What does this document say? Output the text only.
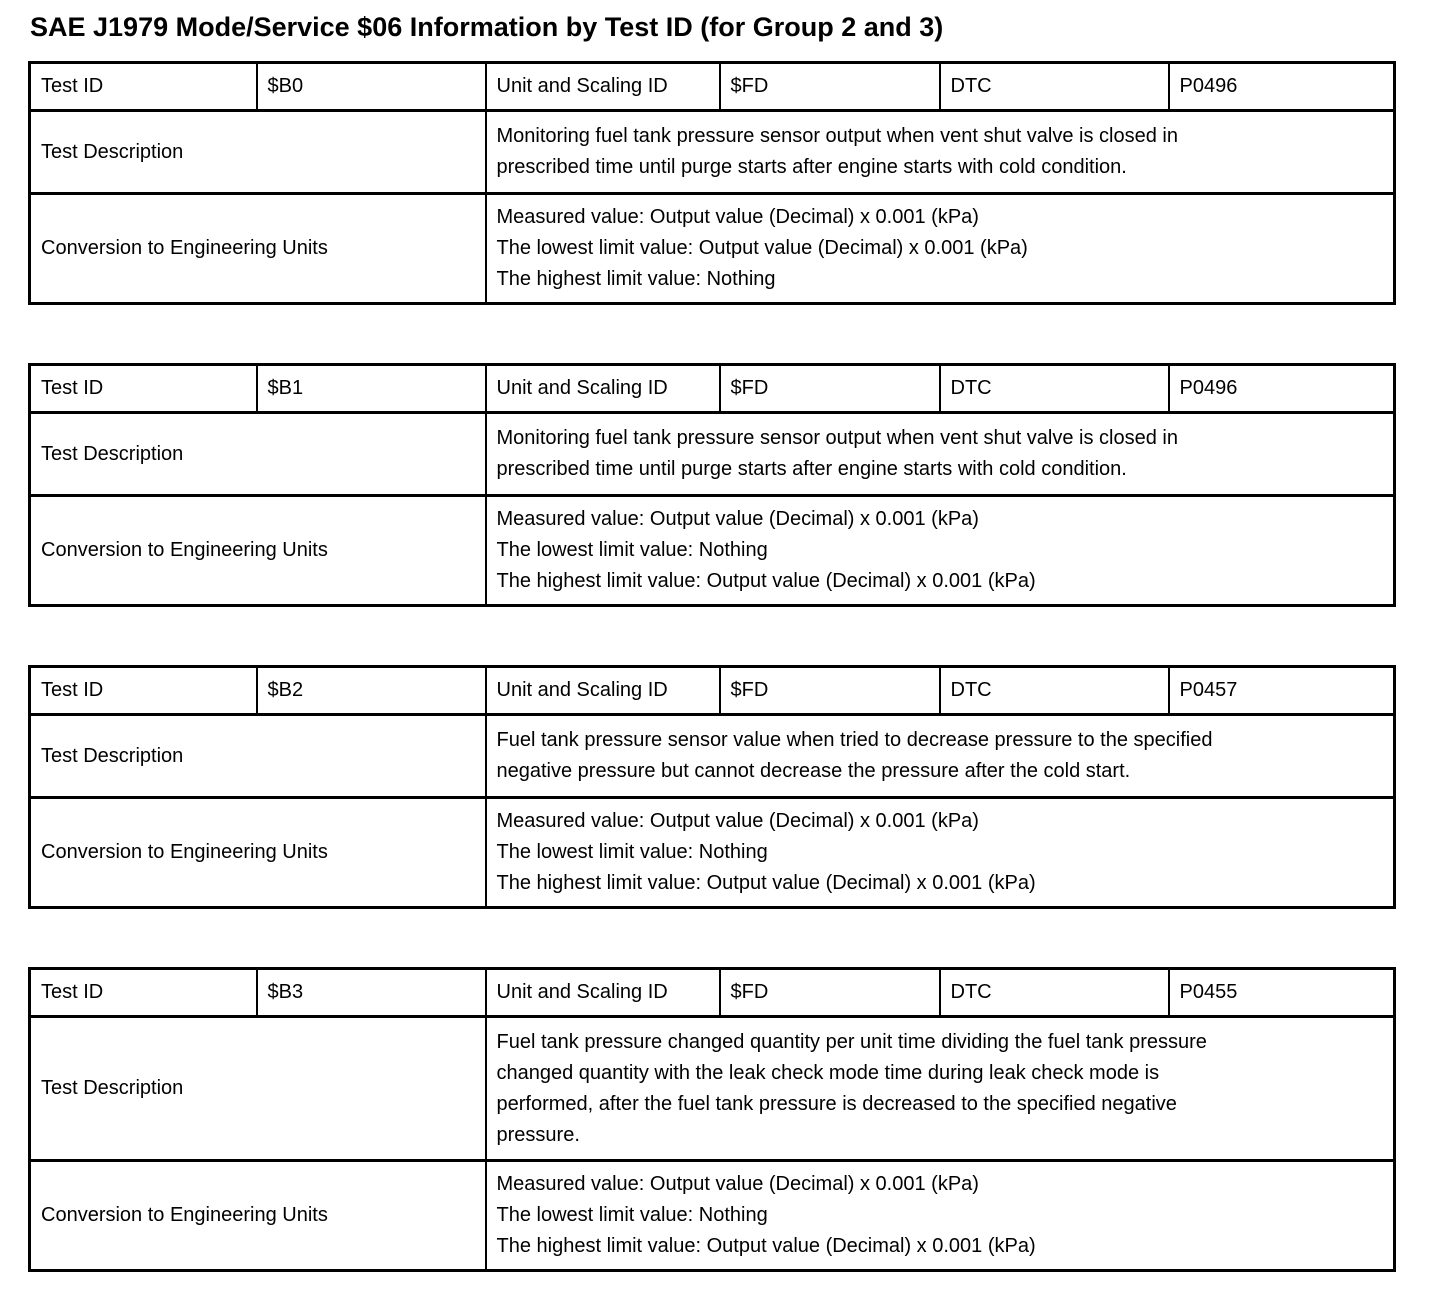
SAE J1979 Mode/Service $06 Information by Test ID (for Group 2 and 3)
Test ID	$B0	Unit and Scaling ID	$FD	DTC	P0496
Test Description		Monitoring fuel tank pressure sensor output when vent shut valve is closed in
prescribed time until purge starts after engine starts with cold condition.			

Conversion to Engineering Units		Measured value: Output value (Decimal) x 0.001 (kPa)
The lowest limit value: Output value (Decimal) x 0.001 (kPa)
The highest limit value: Nothing			
Test ID	$B1	Unit and Scaling ID	$FD	DTC	P0496
Test Description		Monitoring fuel tank pressure sensor output when vent shut valve is closed in
prescribed time until purge starts after engine starts with cold condition.			

Conversion to Engineering Units		Measured value: Output value (Decimal) x 0.001 (kPa)
The lowest limit value: Nothing
The highest limit value: Output value (Decimal) x 0.001 (kPa)			
Test ID	$B2	Unit and Scaling ID	$FD	DTC	P0457
Test Description		Fuel tank pressure sensor value when tried to decrease pressure to the specified
negative pressure but cannot decrease the pressure after the cold start.			

Conversion to Engineering Units		Measured value: Output value (Decimal) x 0.001 (kPa)
The lowest limit value: Nothing
The highest limit value: Output value (Decimal) x 0.001 (kPa)			
Test ID	$B3	Unit and Scaling ID	$FD	DTC	P0455
Test Description		Fuel tank pressure changed quantity per unit time dividing the fuel tank pressure
changed quantity with the leak check mode time during leak check mode is
performed, after the fuel tank pressure is decreased to the specified negative
pressure.			

Conversion to Engineering Units		Measured value: Output value (Decimal) x 0.001 (kPa)
The lowest limit value: Nothing
The highest limit value: Output value (Decimal) x 0.001 (kPa)			
